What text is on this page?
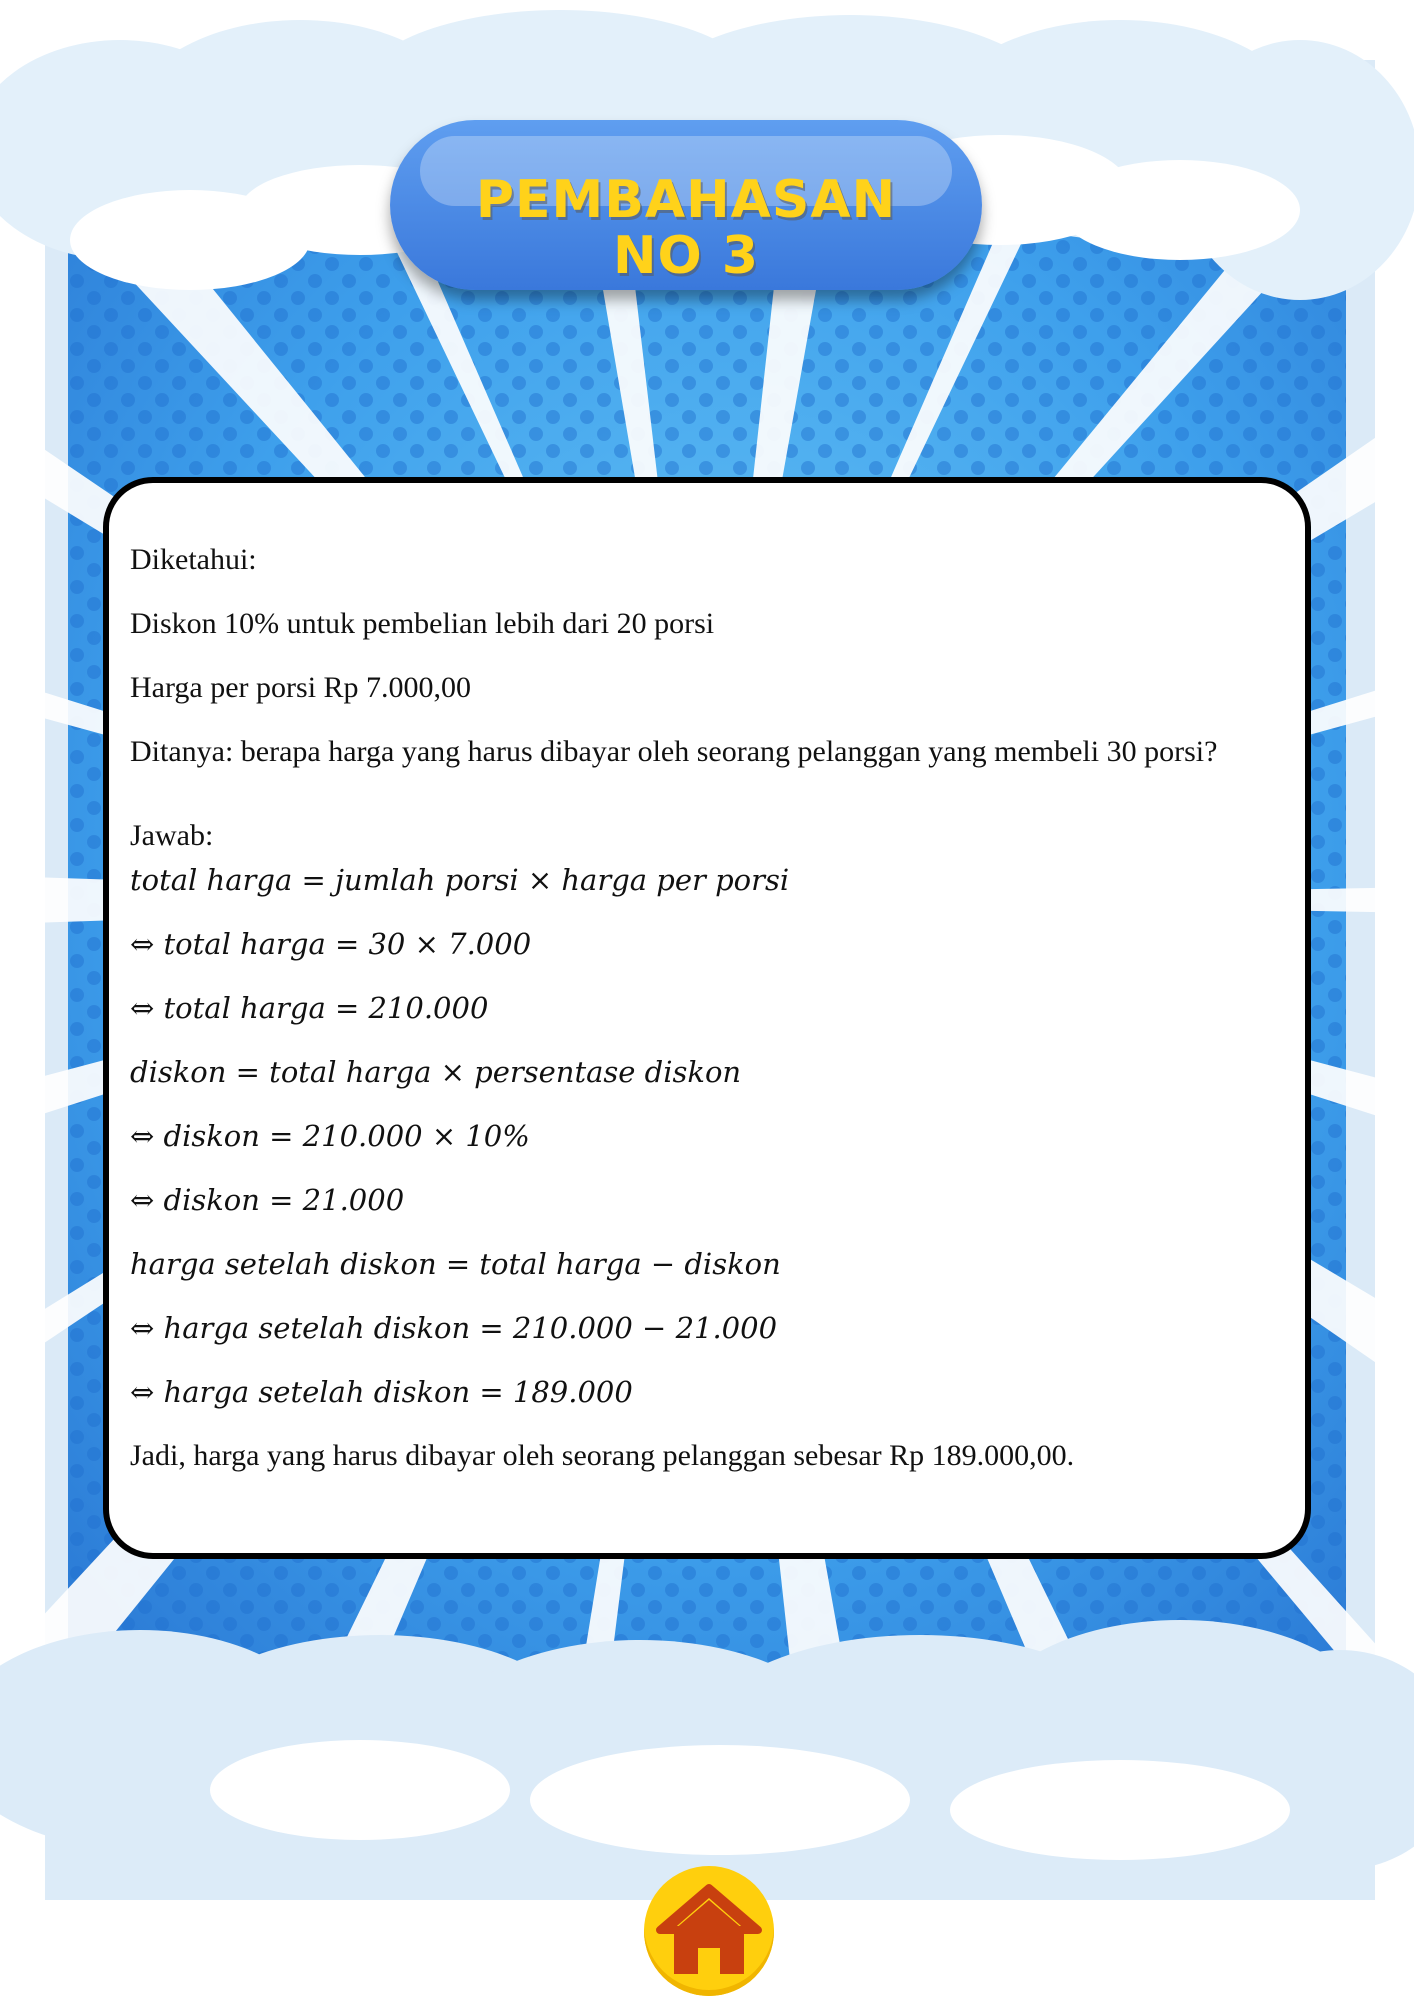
PEMBAHASAN
NO 3
Diketahui:
Diskon 10% untuk pembelian lebih dari 20 porsi
Harga per porsi Rp 7.000,00
Ditanya: berapa harga yang harus dibayar oleh seorang pelanggan yang membeli 30 porsi?
Jawab:
total harga = jumlah porsi × harga per porsi
⇔ total harga = 30 × 7.000
⇔ total harga = 210.000
diskon = total harga × persentase diskon
⇔ diskon = 210.000 × 10%
⇔ diskon = 21.000
harga setelah diskon = total harga − diskon
⇔ harga setelah diskon = 210.000 − 21.000
⇔ harga setelah diskon = 189.000
Jadi, harga yang harus dibayar oleh seorang pelanggan sebesar Rp 189.000,00.
